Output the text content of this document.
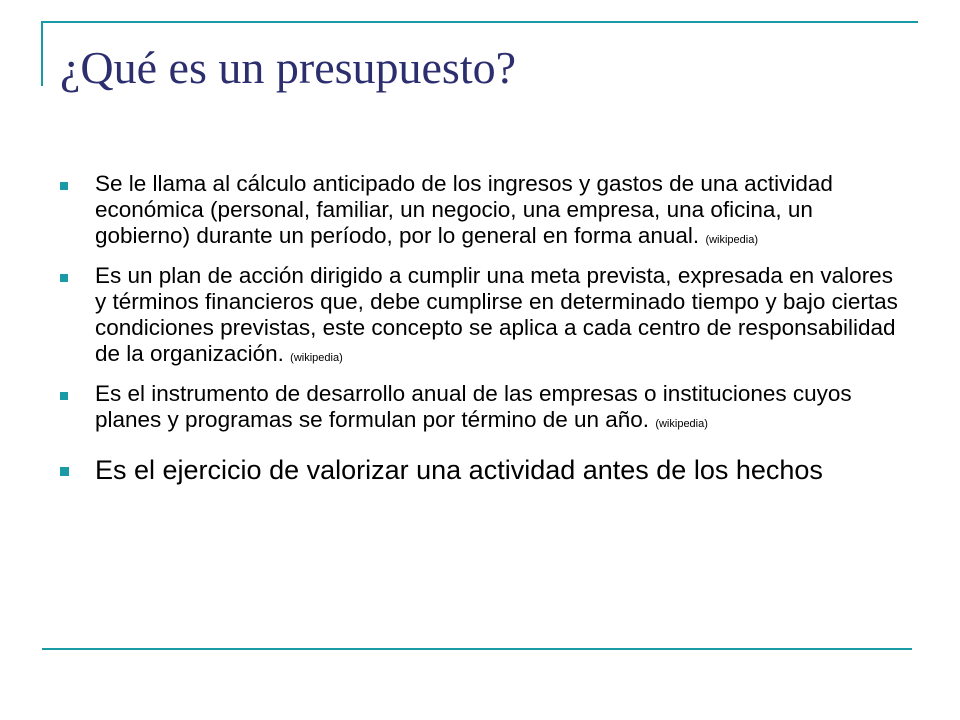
¿Qué es un presupuesto?
Se le llama al cálculo anticipado de los ingresos y gastos de una actividad económica (personal, familiar, un negocio, una empresa, una oficina, un gobierno) durante un período, por lo general en forma anual. (wikipedia)
Es un plan de acción dirigido a cumplir una meta prevista, expresada en valores y términos financieros que, debe cumplirse en determinado tiempo y bajo ciertas condiciones previstas, este concepto se aplica a cada centro de responsabilidad de la organización. (wikipedia)
Es el instrumento de desarrollo anual de las empresas o instituciones cuyos planes y programas se formulan por término de un año. (wikipedia)
Es el ejercicio de valorizar una actividad antes de los hechos
